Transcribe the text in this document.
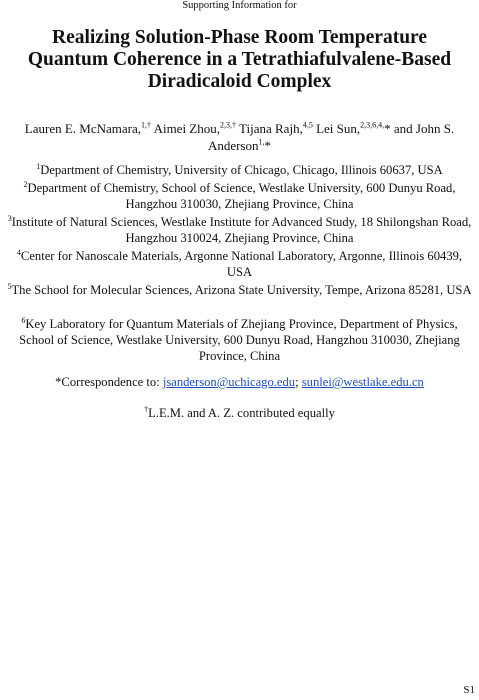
Supporting Information for
Realizing Solution-Phase Room Temperature Quantum Coherence in a Tetrathiafulvalene-Based Diradicaloid Complex
Lauren E. McNamara,$^{1,\dagger}$ Aimei Zhou,$^{2,3,\dagger}$ Tijana Rajh,$^{4,5}$ Lei Sun,$^{2,3,6,4,}$* and John S. Anderson$^{1,}$*

$^1$Department of Chemistry, University of Chicago, Chicago, Illinois 60637, USA

$^2$Department of Chemistry, School of Science, Westlake University, 600 Dunyu Road, Hangzhou 310030, Zhejiang Province, China

$^3$Institute of Natural Sciences, Westlake Institute for Advanced Study, 18 Shilongshan Road, Hangzhou 310024, Zhejiang Province, China

$^4$Center for Nanoscale Materials, Argonne National Laboratory, Argonne, Illinois 60439, USA

$^5$The School for Molecular Sciences, Arizona State University, Tempe, Arizona 85281, USA

$^6$Key Laboratory for Quantum Materials of Zhejiang Province, Department of Physics, School of Science, Westlake University, 600 Dunyu Road, Hangzhou 310030, Zhejiang Province, China

*Correspondence to: jsanderson@uchicago.edu; sunlei@westlake.edu.cn
†L.E.M. and A. Z. contributed equally
S1
